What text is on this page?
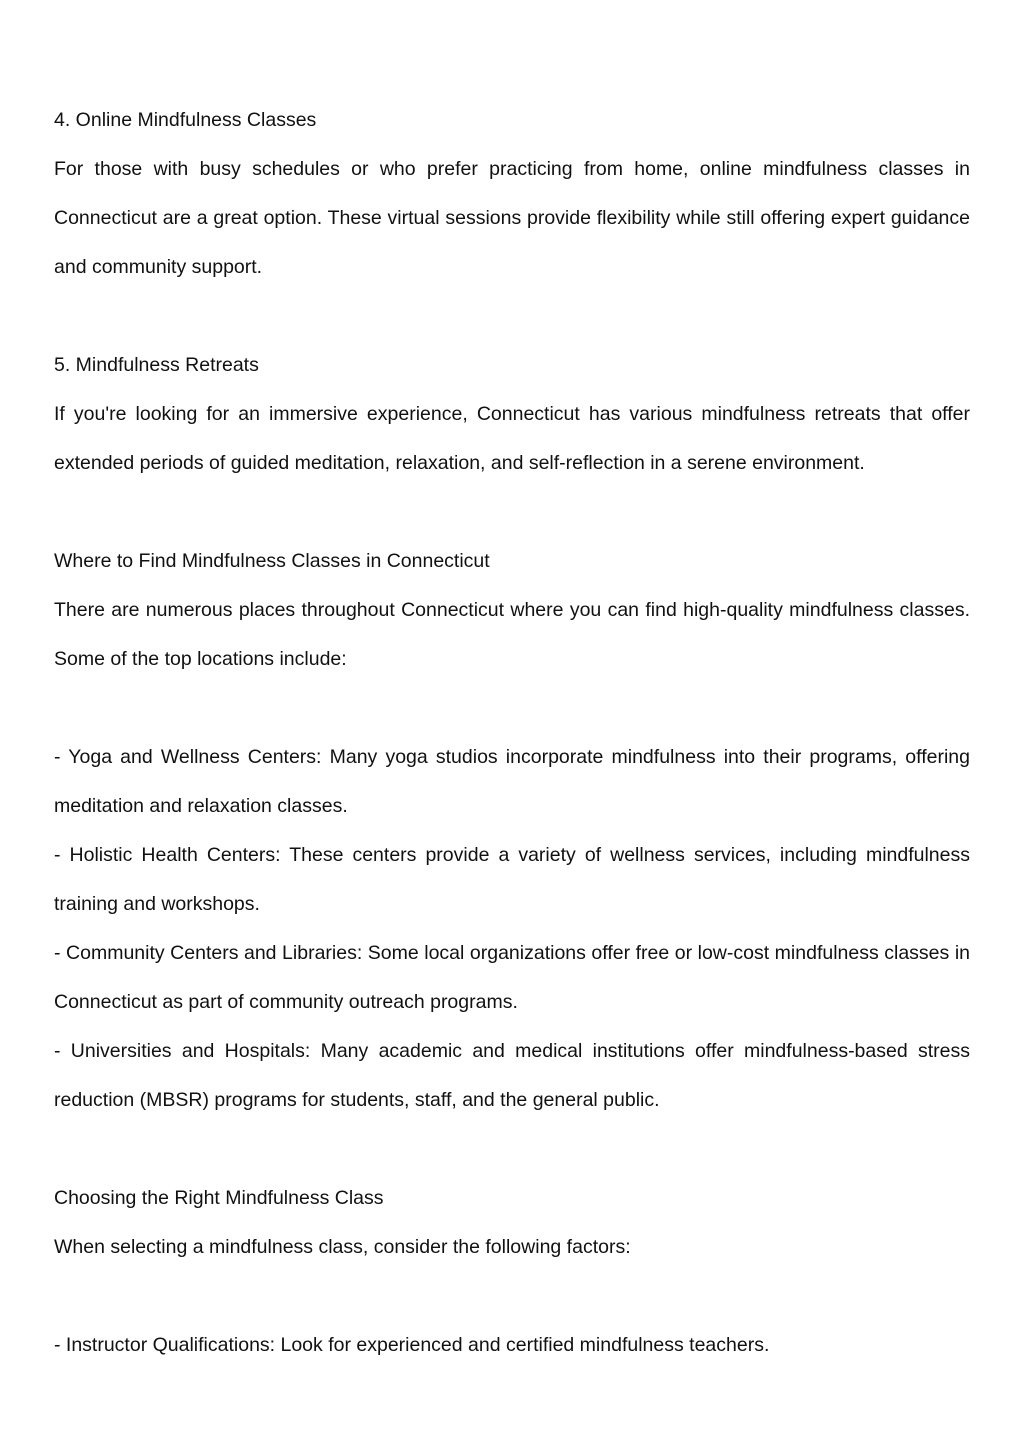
4. Online Mindfulness Classes

For those with busy schedules or who prefer practicing from home, online mindfulness classes in Connecticut are a great option. These virtual sessions provide flexibility while still offering expert guidance and community support.

5. Mindfulness Retreats

If you're looking for an immersive experience, Connecticut has various mindfulness retreats that offer extended periods of guided meditation, relaxation, and self-reflection in a serene environment.

Where to Find Mindfulness Classes in Connecticut

There are numerous places throughout Connecticut where you can find high-quality mindfulness classes. Some of the top locations include:

- Yoga and Wellness Centers: Many yoga studios incorporate mindfulness into their programs, offering meditation and relaxation classes.

- Holistic Health Centers: These centers provide a variety of wellness services, including mindfulness training and workshops.

- Community Centers and Libraries: Some local organizations offer free or low-cost mindfulness classes in Connecticut as part of community outreach programs.

- Universities and Hospitals: Many academic and medical institutions offer mindfulness-based stress reduction (MBSR) programs for students, staff, and the general public.

Choosing the Right Mindfulness Class

When selecting a mindfulness class, consider the following factors:

- Instructor Qualifications: Look for experienced and certified mindfulness teachers.
